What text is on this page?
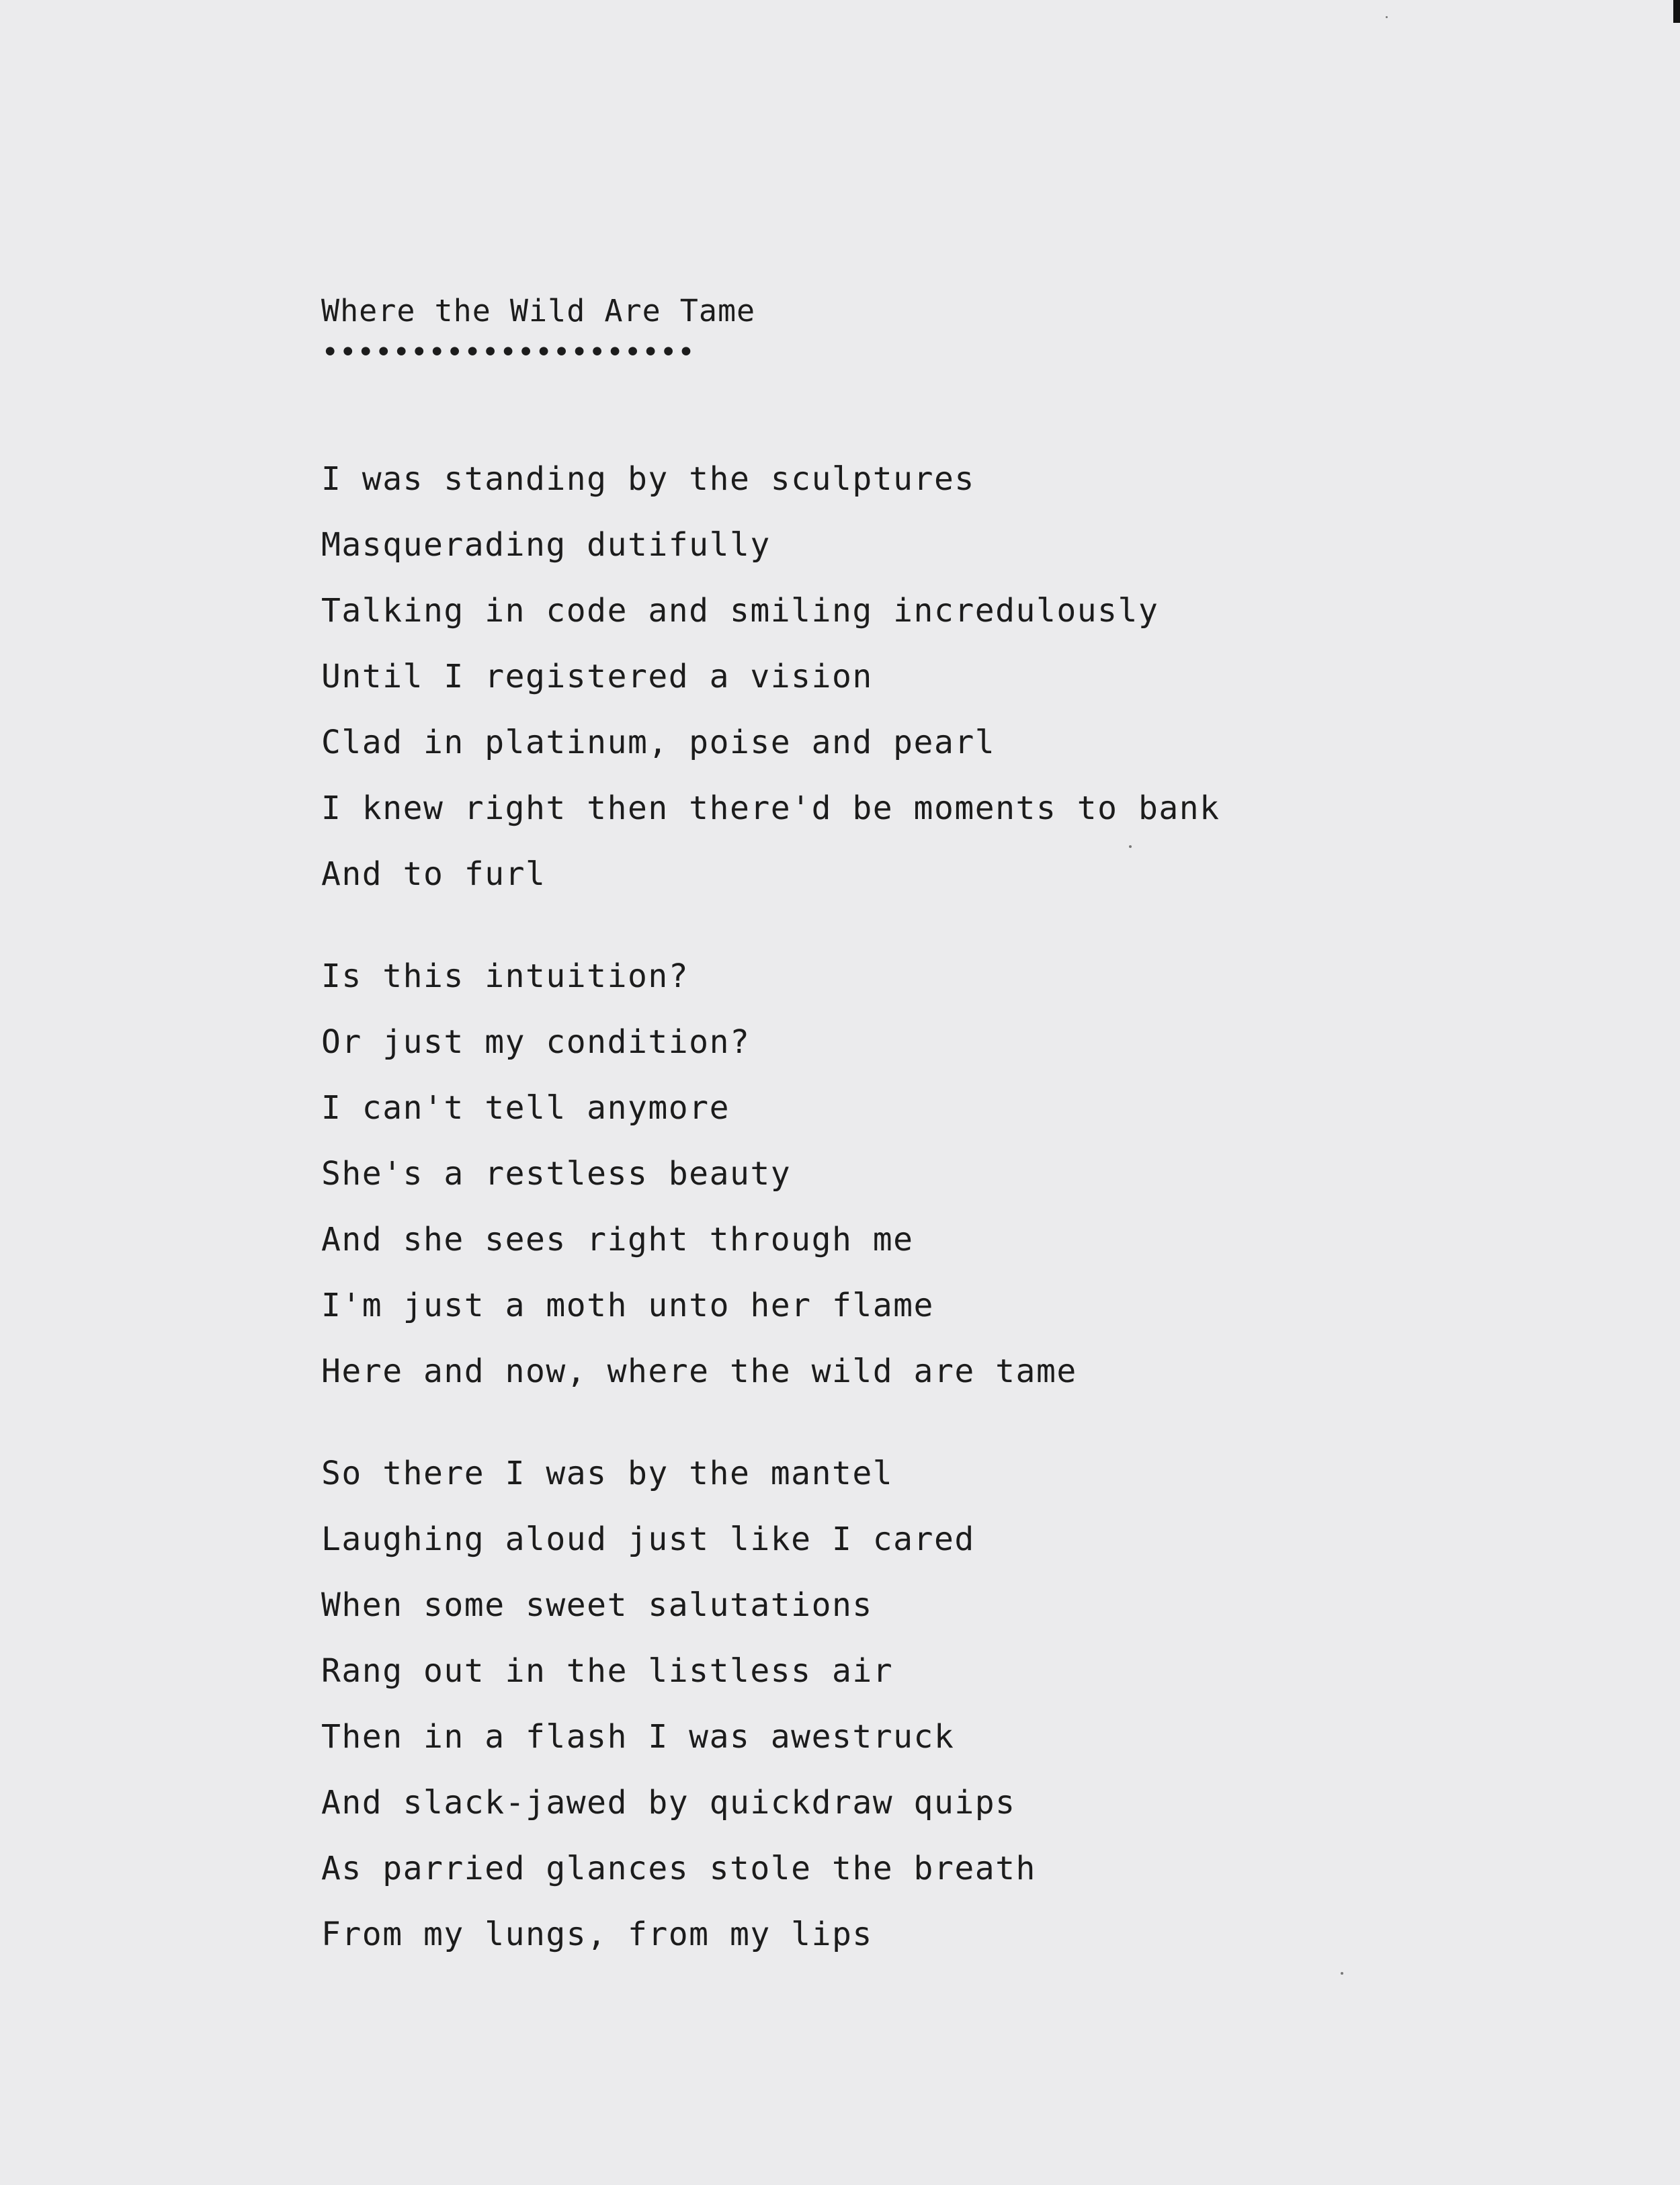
Where the Wild Are Tame
•••••••••••••••••••••
I was standing by the sculptures
Masquerading dutifully
Talking in code and smiling incredulously
Until I registered a vision
Clad in platinum, poise and pearl
I knew right then there'd be moments to bank
And to furl
Is this intuition?
Or just my condition?
I can't tell anymore
She's a restless beauty
And she sees right through me
I'm just a moth unto her flame
Here and now, where the wild are tame
So there I was by the mantel
Laughing aloud just like I cared
When some sweet salutations
Rang out in the listless air
Then in a flash I was awestruck
And slack-jawed by quickdraw quips
As parried glances stole the breath
From my lungs, from my lips
